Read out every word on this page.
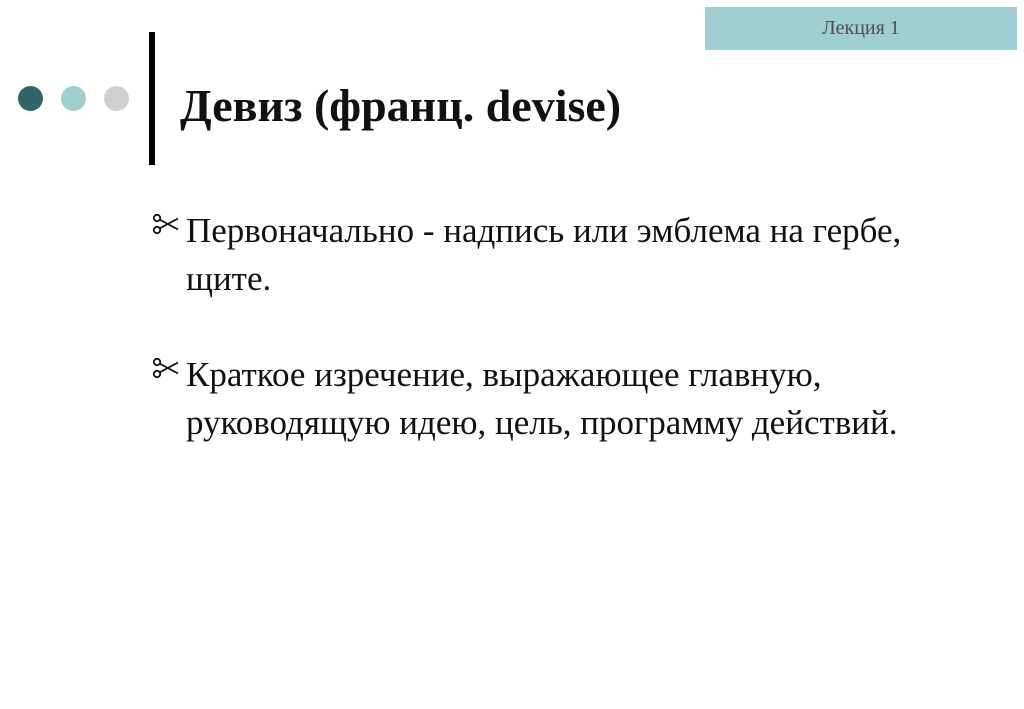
Лекция 1
Девиз (франц. devise)
Первоначально - надпись или эмблема на гербе, щите.
Краткое изречение, выражающее главную, руководящую идею, цель, программу действий.
